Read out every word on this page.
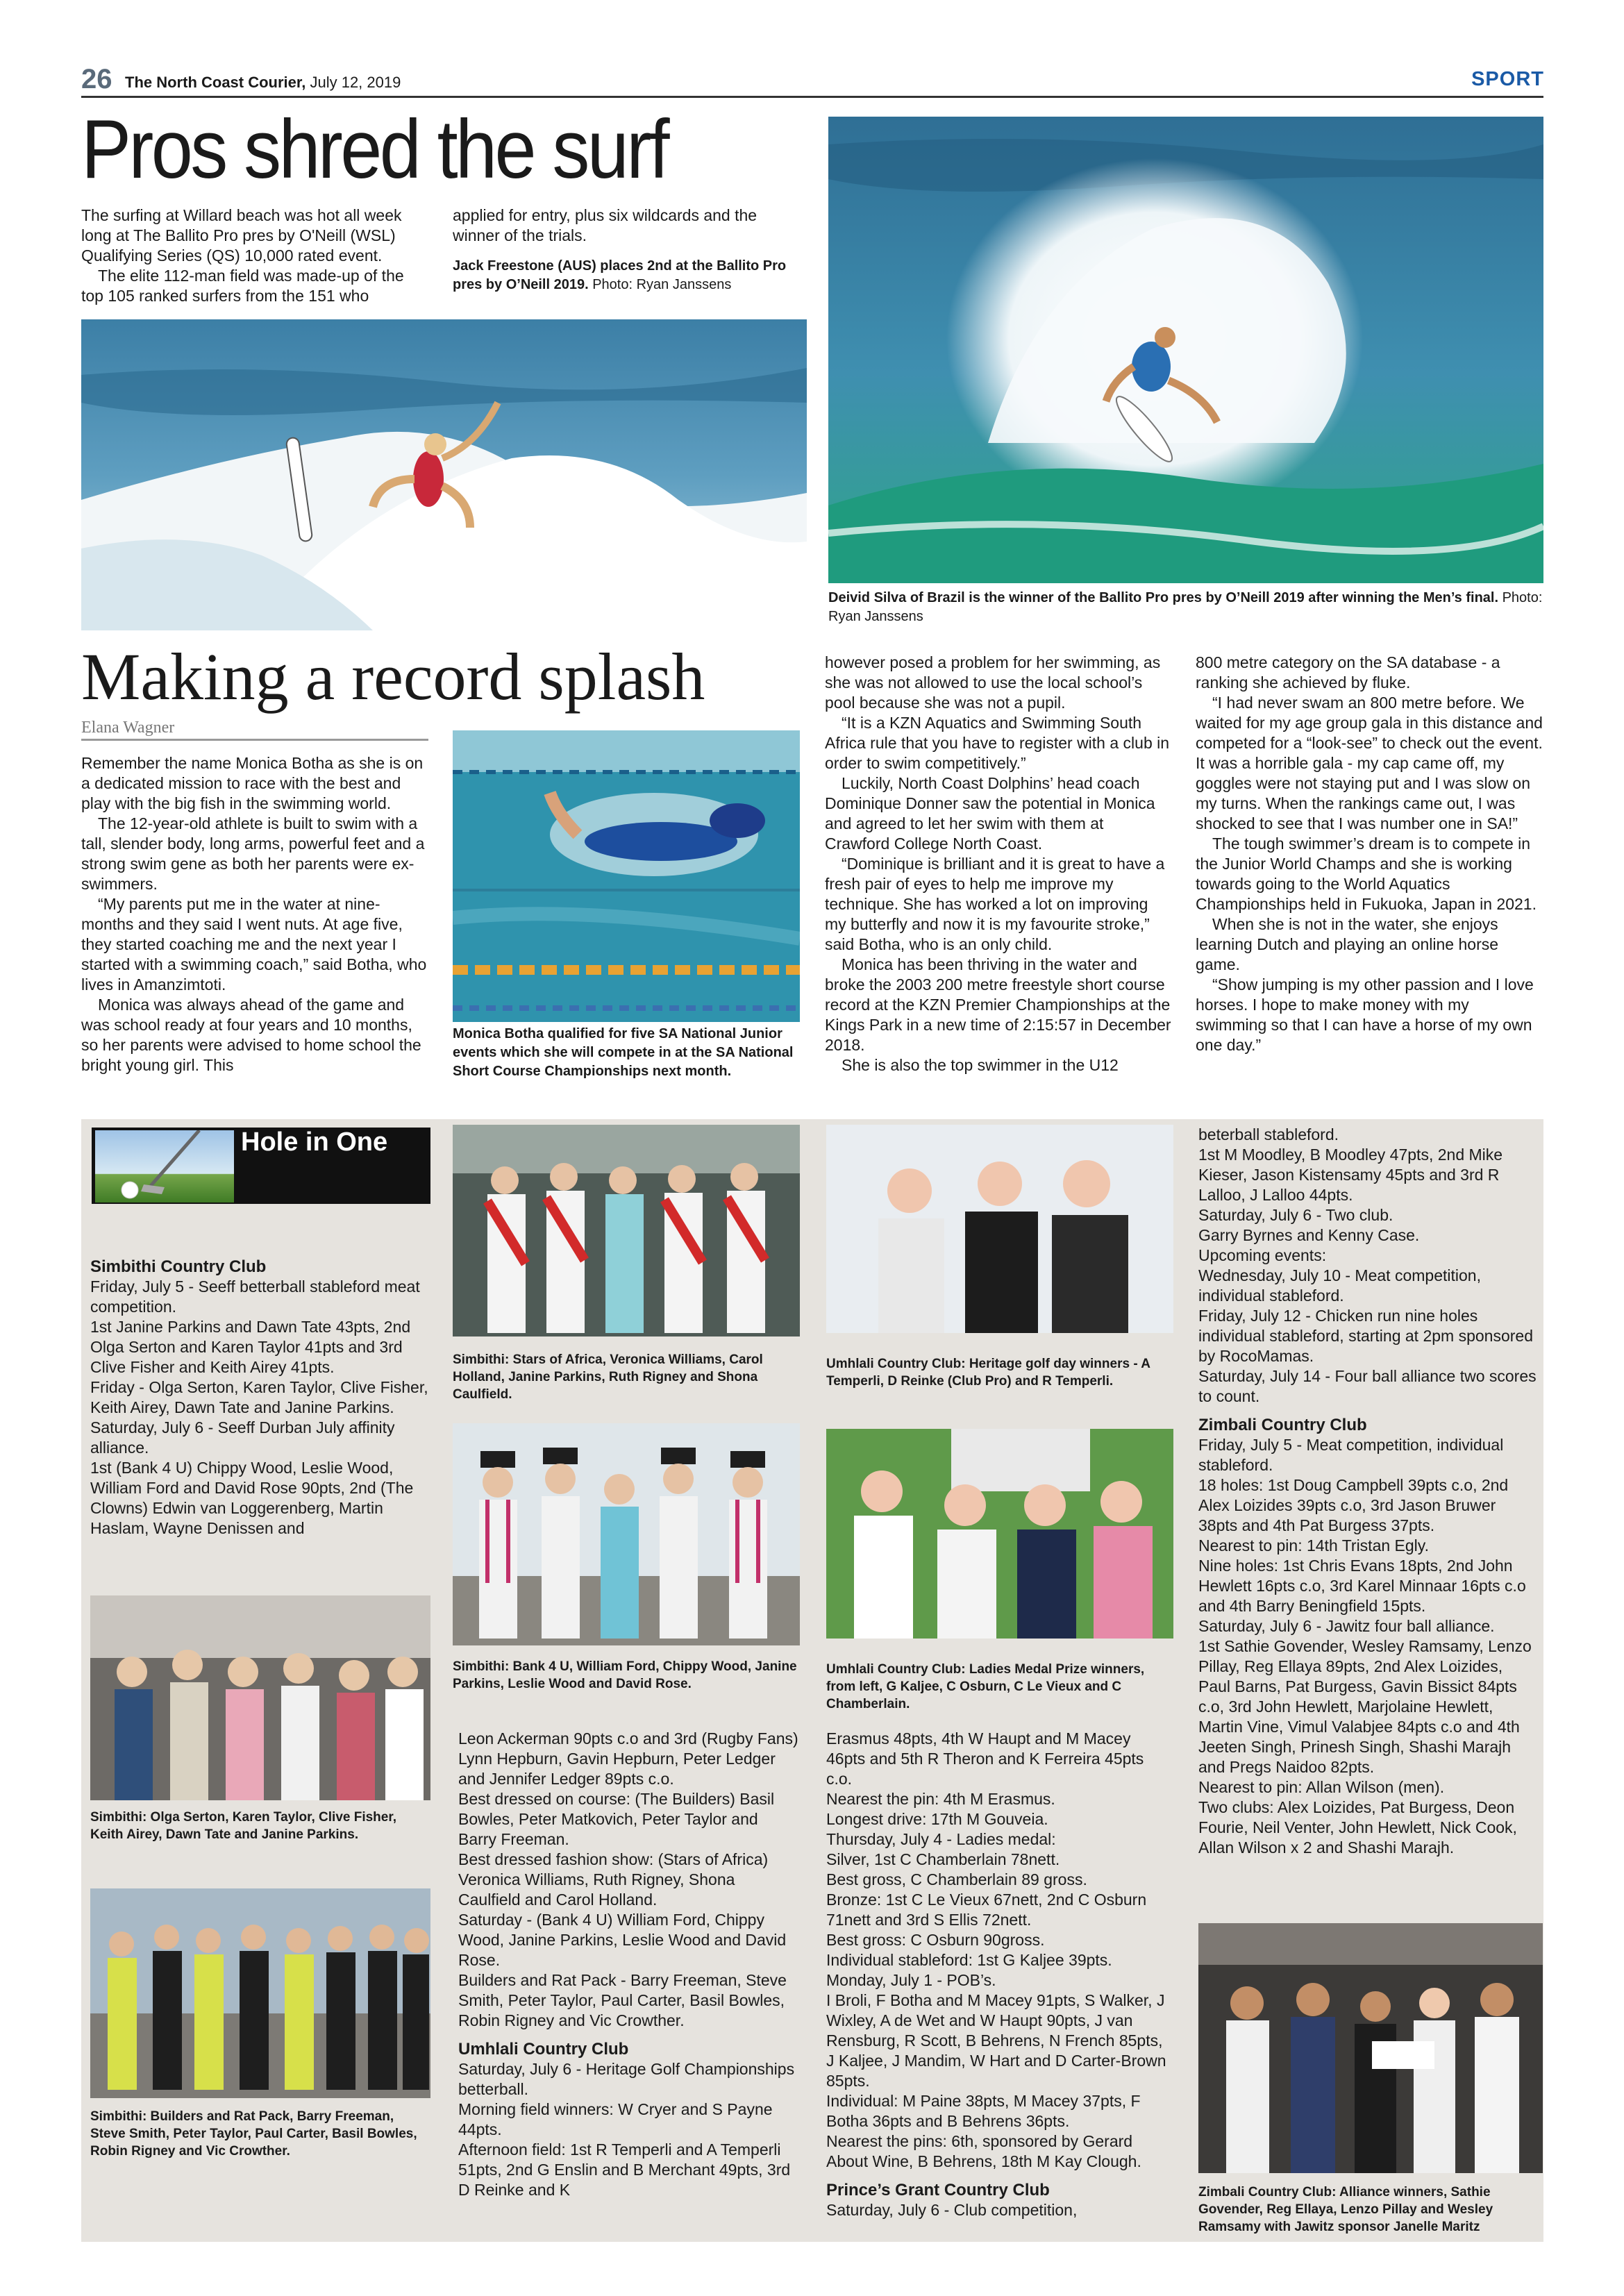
26 The North Coast Courier, July 12, 2019	SPORT
Pros shred the surf

The surfing at Willard beach was hot all week long at The Ballito Pro pres by O'Neill (WSL) Qualifying Series (QS) 10,000 rated event.

The elite 112-man field was made-up of the top 105 ranked surfers from the 151 who

applied for entry, plus six wildcards and the winner of the trials.

Jack Freestone (AUS) places 2nd at the Ballito Pro pres by O’Neill 2019. Photo: Ryan Janssens
Deivid Silva of Brazil is the winner of the Ballito Pro pres by O’Neill 2019 after winning the Men’s final. Photo: Ryan Janssens
Making a record splash
Elana Wagner

Remember the name Monica Botha as she is on a dedicated mission to race with the best and play with the big fish in the swimming world.

The 12-year-old athlete is built to swim with a tall, slender body, long arms, powerful feet and a strong swim gene as both her parents were ex-swimmers.

“My parents put me in the water at nine-months and they said I went nuts. At age five, they started coaching me and the next year I started with a swimming coach,” said Botha, who lives in Amanzimtoti.

Monica was always ahead of the game and was school ready at four years and 10 months, so her parents were advised to home school the bright young girl. This

Monica Botha qualified for five SA National Junior events which she will compete in at the SA National Short Course Championships next month.

however posed a problem for her swimming, as she was not allowed to use the local school’s pool because she was not a pupil.

“It is a KZN Aquatics and Swimming South Africa rule that you have to register with a club in order to swim competitively.”

Luckily, North Coast Dolphins’ head coach Dominique Donner saw the potential in Monica and agreed to let her swim with them at Crawford College North Coast.

“Dominique is brilliant and it is great to have a fresh pair of eyes to help me improve my technique. She has worked a lot on improving my butterfly and now it is my favourite stroke,” said Botha, who is an only child.

Monica has been thriving in the water and broke the 2003 200 metre freestyle short course record at the KZN Premier Championships at the Kings Park in a new time of 2:15:57 in December 2018.

She is also the top swimmer in the U12

800 metre category on the SA database - a ranking she achieved by fluke.

“I had never swam an 800 metre before. We waited for my age group gala in this distance and competed for a “look-see” to check out the event. It was a horrible gala - my cap came off, my goggles were not staying put and I was slow on my turns. When the rankings came out, I was shocked to see that I was number one in SA!”

The tough swimmer’s dream is to compete in the Junior World Champs and she is working towards going to the World Aquatics Championships held in Fukuoka, Japan in 2021.

When she is not in the water, she enjoys learning Dutch and playing an online horse game.

“Show jumping is my other passion and I love horses. I hope to make money with my swimming so that I can have a horse of my own one day.”

Hole in One
Simbithi Country Club
Friday, July 5 - Seeff betterball stableford meat competition.
1st Janine Parkins and Dawn Tate 43pts, 2nd Olga Serton and Karen Taylor 41pts and 3rd Clive Fisher and Keith Airey 41pts.
Friday - Olga Serton, Karen Taylor, Clive Fisher, Keith Airey, Dawn Tate and Janine Parkins.
Saturday, July 6 - Seeff Durban July affinity alliance.
1st (Bank 4 U) Chippy Wood, Leslie Wood, William Ford and David Rose 90pts, 2nd (The Clowns) Edwin van Loggerenberg, Martin Haslam, Wayne Denissen and
Simbithi: Olga Serton, Karen Taylor, Clive Fisher, Keith Airey, Dawn Tate and Janine Parkins.
Simbithi: Builders and Rat Pack, Barry Freeman, Steve Smith, Peter Taylor, Paul Carter, Basil Bowles, Robin Rigney and Vic Crowther.
Simbithi: Stars of Africa, Veronica Williams, Carol Holland, Janine Parkins, Ruth Rigney and Shona Caulfield.
Simbithi: Bank 4 U, William Ford, Chippy Wood, Janine Parkins, Leslie Wood and David Rose.
Leon Ackerman 90pts c.o and 3rd (Rugby Fans) Lynn Hepburn, Gavin Hepburn, Peter Ledger and Jennifer Ledger 89pts c.o.
Best dressed on course: (The Builders) Basil Bowles, Peter Matkovich, Peter Taylor and Barry Freeman.
Best dressed fashion show: (Stars of Africa) Veronica Williams, Ruth Rigney, Shona Caulfield and Carol Holland.
Saturday - (Bank 4 U) William Ford, Chippy Wood, Janine Parkins, Leslie Wood and David Rose.
Builders and Rat Pack - Barry Freeman, Steve Smith, Peter Taylor, Paul Carter, Basil Bowles, Robin Rigney and Vic Crowther.
Umhlali Country Club
Saturday, July 6 - Heritage Golf Championships betterball.
Morning field winners: W Cryer and S Payne 44pts.
Afternoon field: 1st R Temperli and A Temperli 51pts, 2nd G Enslin and B Merchant 49pts, 3rd D Reinke and K
Umhlali Country Club: Heritage golf day winners - A Temperli, D Reinke (Club Pro) and R Temperli.
Umhlali Country Club: Ladies Medal Prize winners, from left, G Kaljee, C Osburn, C Le Vieux and C Chamberlain.
Erasmus 48pts, 4th W Haupt and M Macey 46pts and 5th R Theron and K Ferreira 45pts c.o.
Nearest the pin: 4th M Erasmus.
Longest drive: 17th M Gouveia.
Thursday, July 4 - Ladies medal:
Silver, 1st C Chamberlain 78nett.
Best gross, C Chamberlain 89 gross.
Bronze: 1st C Le Vieux 67nett, 2nd C Osburn 71nett and 3rd S Ellis 72nett.
Best gross: C Osburn 90gross.
Individual stableford: 1st G Kaljee 39pts.
Monday, July 1 - POB’s.
I Broli, F Botha and M Macey 91pts, S Walker, J Wixley, A de Wet and W Haupt 90pts, J van Rensburg, R Scott, B Behrens, N French 85pts, J Kaljee, J Mandim, W Hart and D Carter-Brown 85pts.
Individual: M Paine 38pts, M Macey 37pts, F Botha 36pts and B Behrens 36pts.
Nearest the pins: 6th, sponsored by Gerard About Wine, B Behrens, 18th M Kay Clough.
Prince’s Grant Country Club
Saturday, July 6 - Club competition,
beterball stableford.
1st M Moodley, B Moodley 47pts, 2nd Mike Kieser, Jason Kistensamy 45pts and 3rd R Lalloo, J Lalloo 44pts.
Saturday, July 6 - Two club.
Garry Byrnes and Kenny Case.
Upcoming events:
Wednesday, July 10 - Meat competition, individual stableford.
Friday, July 12 - Chicken run nine holes individual stableford, starting at 2pm sponsored by RocoMamas.
Saturday, July 14 - Four ball alliance two scores to count.
Zimbali Country Club
Friday, July 5 - Meat competition, individual stableford.
18 holes: 1st Doug Campbell 39pts c.o, 2nd Alex Loizides 39pts c.o, 3rd Jason Bruwer 38pts and 4th Pat Burgess 37pts.
Nearest to pin: 14th Tristan Egly.
Nine holes: 1st Chris Evans 18pts, 2nd John Hewlett 16pts c.o, 3rd Karel Minnaar 16pts c.o and 4th Barry Beningfield 15pts.
Saturday, July 6 - Jawitz four ball alliance.
1st Sathie Govender, Wesley Ramsamy, Lenzo Pillay, Reg Ellaya 89pts, 2nd Alex Loizides, Paul Barns, Pat Burgess, Gavin Bissict 84pts c.o, 3rd John Hewlett, Marjolaine Hewlett, Martin Vine, Vimul Valabjee 84pts c.o and 4th Jeeten Singh, Prinesh Singh, Shashi Marajh and Pregs Naidoo 82pts.
Nearest to pin: Allan Wilson (men).
Two clubs: Alex Loizides, Pat Burgess, Deon Fourie, Neil Venter, John Hewlett, Nick Cook, Allan Wilson x 2 and Shashi Marajh.
Zimbali Country Club: Alliance winners, Sathie Govender, Reg Ellaya, Lenzo Pillay and Wesley Ramsamy with Jawitz sponsor Janelle Maritz
